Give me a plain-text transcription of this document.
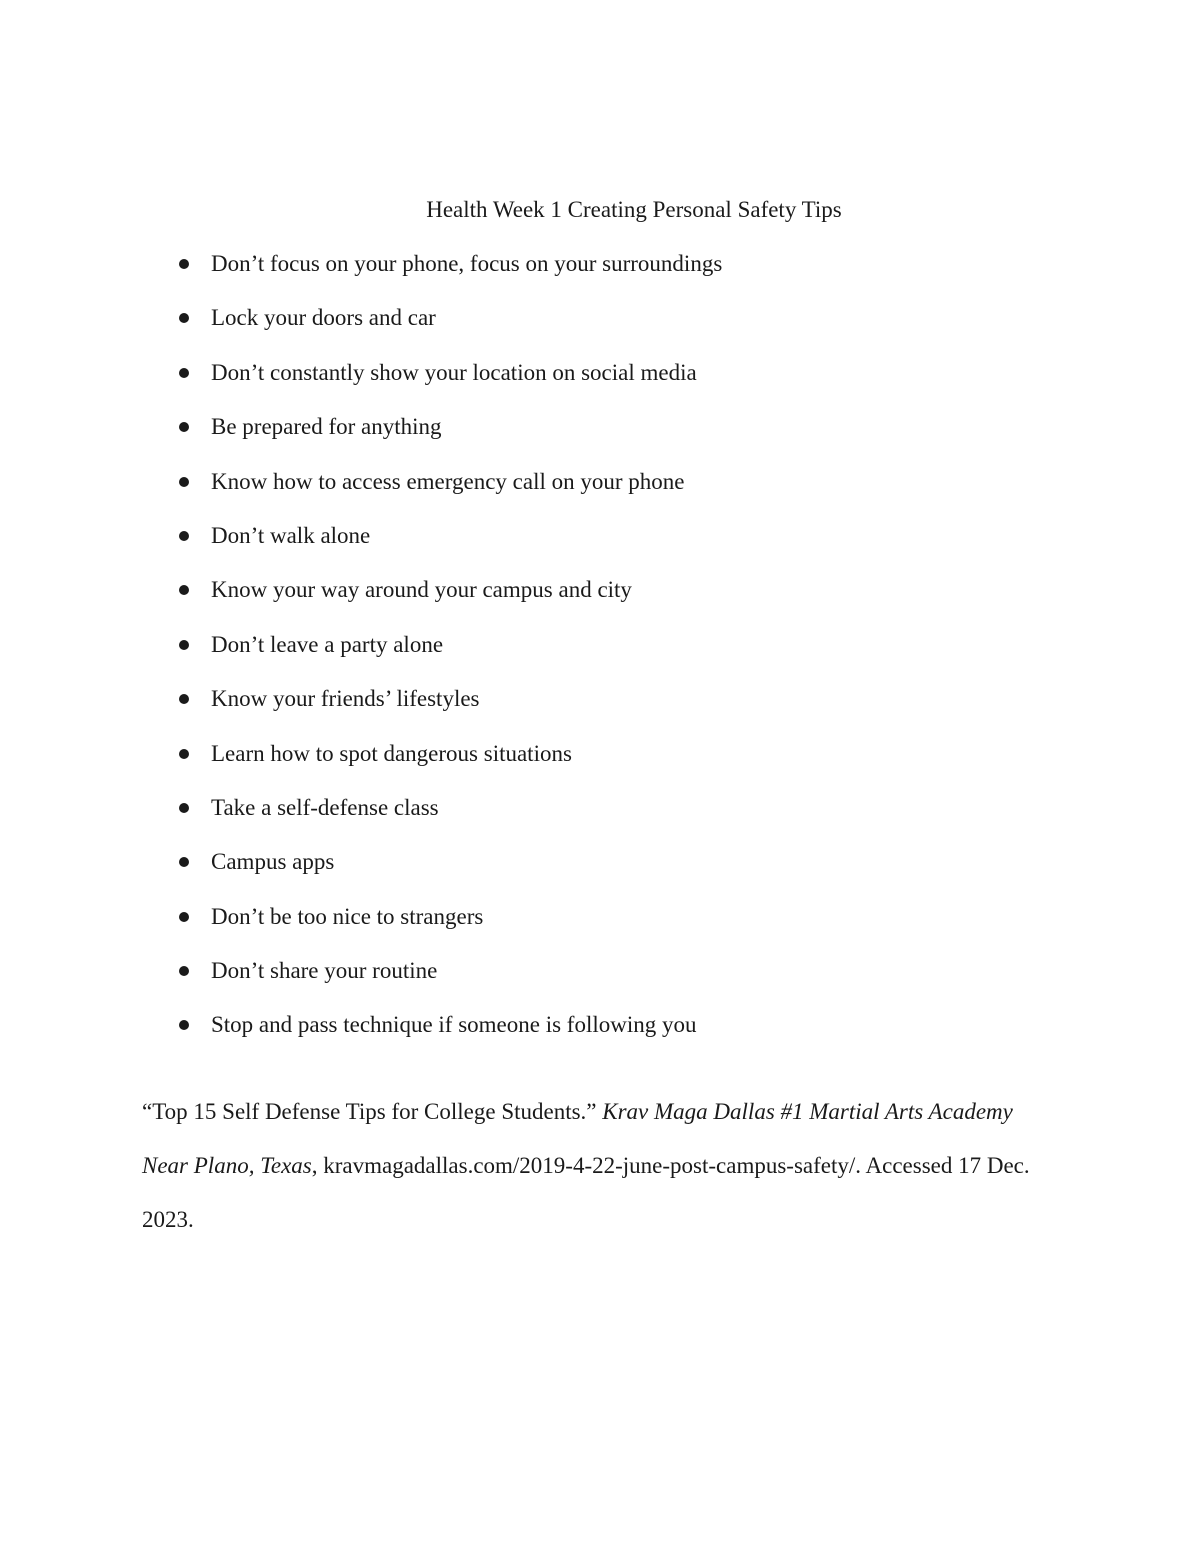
Health Week 1 Creating Personal Safety Tips
Don’t focus on your phone, focus on your surroundings
Lock your doors and car
Don’t constantly show your location on social media
Be prepared for anything
Know how to access emergency call on your phone
Don’t walk alone
Know your way around your campus and city
Don’t leave a party alone
Know your friends’ lifestyles
Learn how to spot dangerous situations
Take a self-defense class
Campus apps
Don’t be too nice to strangers
Don’t share your routine
Stop and pass technique if someone is following you

“Top 15 Self Defense Tips for College Students.” Krav Maga Dallas #1 Martial Arts Academy
Near Plano, Texas, kravmagadallas.com/2019-4-22-june-post-campus-safety/. Accessed 17 Dec.
2023.
